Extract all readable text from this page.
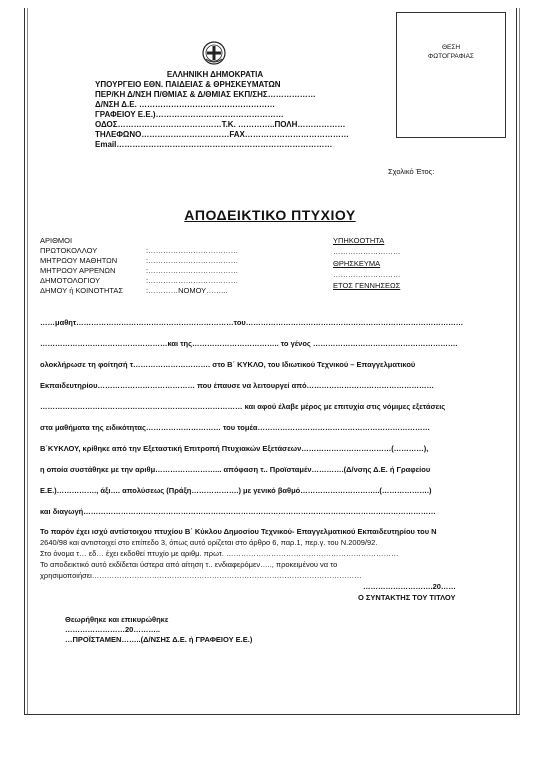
ΘΕΣΗ
ΦΩΤΟΓΡΑΦΙΑΣ
ΕΛΛΗΝΙΚΗ ΔΗΜΟΚΡΑΤΙΑ
ΥΠΟΥΡΓΕΙΟ ΕΘΝ. ΠΑΙΔΕΙΑΣ & ΘΡΗΣΚΕΥΜΑΤΩΝ
ΠΕΡ/ΚΗ Δ/ΝΣΗ Π/ΘΜΙΑΣ & Δ/ΘΜΙΑΣ ΕΚΠ/ΣΗΣ………………
Δ/ΝΣΗ Δ.Ε. ……………………………………………
ΓΡΑΦΕΙΟΥ Ε.Ε.)…………………………………………
ΟΔΟΣ…………………………………Τ.Κ. …………..ΠΟΛΗ………………
ΤΗΛΕΦΩΝΟ……………………………FAX…………………………………
Email………………………………………………………………………
Σχολικό Έτος:
ΑΠΟΔΕΙΚΤΙΚΟ ΠΤΥΧΙΟΥ
ΑΡΙΘΜΟΙ
ΠΡΩΤΟΚΟΛΛΟΥ	:………………………………
ΜΗΤΡΩΟΥ ΜΑΘΗΤΩΝ	:………………………………
ΜΗΤΡΩΟΥ ΑΡΡΕΝΩΝ	:………………………………
ΔΗΜΟΤΟΛΟΓΙΟΥ	:………………………………
ΔΗΜΟΥ ή ΚΟΙΝΟΤΗΤΑΣ	:…………ΝΟΜΟΥ……...
ΥΠΗΚΟΟΤΗΤΑ
………………………
ΘΡΗΣΚΕΥΜΑ
………………………
ΕΤΟΣ ΓΕΝΝΗΣΕΩΣ
……μαθητ………………………………………………………του……………………………………………………………………………
……………………………………………και της…………………………….. το γένος ………………………………………………….
ολοκλήρωσε τη φοίτησή τ…………………………. στο Β΄ ΚΥΚΛΟ, του Ιδιωτικού Τεχνικού – Επαγγελματικού
Εκπαιδευτηρίου………………………………… που έπαυσε να λειτουργεί από……………………………………………
……………………………………………………………………… και αφού έλαβε μέρος με επιτυχία στις νόμιμες εξετάσεις
στα μαθήματα της ειδικότητας………………………… του τομέα……………………………………………………………
Β΄ΚΥΚΛΟΥ, κρίθηκε από την Εξεταστική Επιτροπή Πτυχιακών Εξετάσεων………………………………(…………),
η οποία συστάθηκε με την αριθμ……………………... απόφαση τ.. Προϊσταμέν………….(Δ/νσης Δ.Ε. ή Γραφείου
Ε.Ε.)……………., άξι…. απολύσεως (Πράξη……………….) με γενικό βαθμό…………………………..(……………….)
και διαγωγή……………………………………………………………………………………………………………………………
Το παρόν έχει ισχύ αντίστοιχου πτυχίου Β΄ Κύκλου Δημοσίου Τεχνικού- Επαγγελματικού Εκπαιδευτηρίου του Ν
2640/98 και αντιστοιχεί στο επίπεδο 3, όπως αυτό ορίζεται στο άρθρο 6, παρ.1, περ.γ. του Ν.2009/92.
Στο όνομα τ… εδ… έχει εκδοθεί πτυχίο με αριθμ. πρωτ. ……………………………………………………………
Το αποδεικτικό αυτό εκδίδεται ύστερα από αίτηση τ.. ενδιαφερόμεν….., προκειμένου να το
χρησιμοποιήσει………………………………………………………………………………………………
……………………….20……
Ο ΣΥΝΤΑΚΤΗΣ ΤΟΥ ΤΙΤΛΟΥ
Θεωρήθηκε και επικυρώθηκε
……………………20………..
…ΠΡΟΪΣΤΑΜΕΝ……..(Δ/ΝΣΗΣ Δ.Ε. ή ΓΡΑΦΕΙΟΥ Ε.Ε.)
